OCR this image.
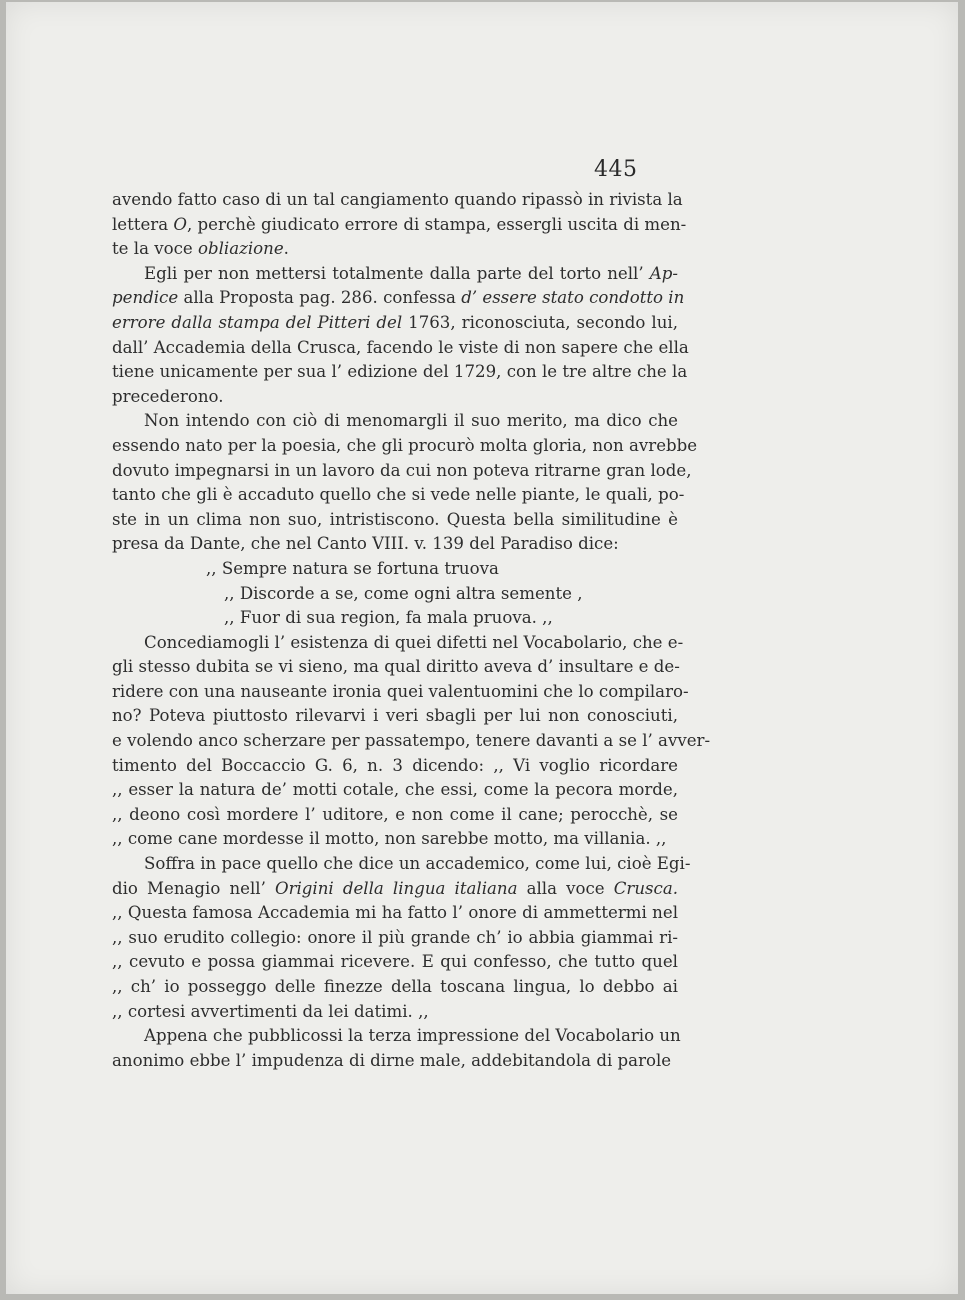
445
avendo fatto caso di un tal cangiamento quando ripassò in rivista la
lettera O, perchè giudicato errore di stampa, essergli uscita di men-
te la voce obliazione.
Egli per non mettersi totalmente dalla parte del torto nell’ Ap-
pendice alla Proposta pag. 286. confessa d’ essere stato condotto in
errore dalla stampa del Pitteri del 1763, riconosciuta, secondo lui,
dall’ Accademia della Crusca, facendo le viste di non sapere che ella
tiene unicamente per sua l’ edizione del 1729, con le tre altre che la
precederono.
Non intendo con ciò di menomargli il suo merito, ma dico che
essendo nato per la poesia, che gli procurò molta gloria, non avrebbe
dovuto impegnarsi in un lavoro da cui non poteva ritrarne gran lode,
tanto che gli è accaduto quello che si vede nelle piante, le quali, po-
ste in un clima non suo, intristiscono. Questa bella similitudine è
presa da Dante, che nel Canto VIII. v. 139 del Paradiso dice:
,, Sempre natura se fortuna truova
,, Discorde a se, come ogni altra semente ,
,, Fuor di sua region, fa mala pruova. ,,
Concediamogli l’ esistenza di quei difetti nel Vocabolario, che e-
gli stesso dubita se vi sieno, ma qual diritto aveva d’ insultare e de-
ridere con una nauseante ironia quei valentuomini che lo compilaro-
no? Poteva piuttosto rilevarvi i veri sbagli per lui non conosciuti,
e volendo anco scherzare per passatempo, tenere davanti a se l’ avver-
timento del Boccaccio G. 6, n. 3 dicendo: ,, Vi voglio ricordare
,, esser la natura de’ motti cotale, che essi, come la pecora morde,
,, deono così mordere l’ uditore, e non come il cane; perocchè, se
,, come cane mordesse il motto, non sarebbe motto, ma villania. ,,
Soffra in pace quello che dice un accademico, come lui, cioè Egi-
dio Menagio nell’ Origini della lingua italiana alla voce Crusca.
,, Questa famosa Accademia mi ha fatto l’ onore di ammettermi nel
,, suo erudito collegio: onore il più grande ch’ io abbia giammai ri-
,, cevuto e possa giammai ricevere. E qui confesso, che tutto quel
,, ch’ io posseggo delle finezze della toscana lingua, lo debbo ai
,, cortesi avvertimenti da lei datimi. ,,
Appena che pubblicossi la terza impressione del Vocabolario un
anonimo ebbe l’ impudenza di dirne male, addebitandola di parole
